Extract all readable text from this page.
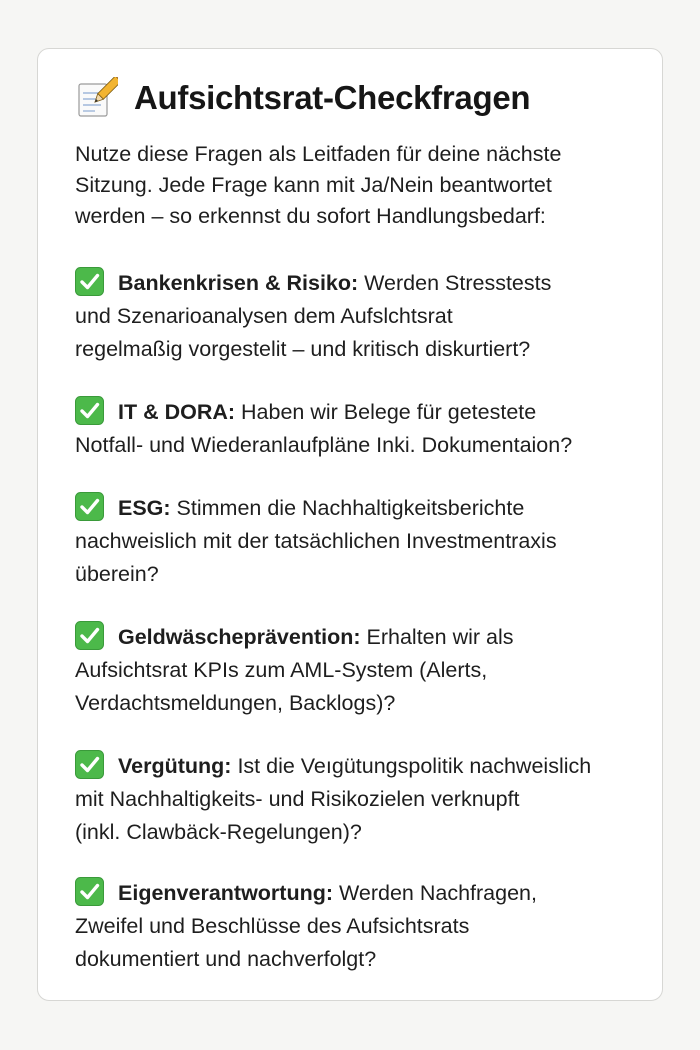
Aufsichtsrat-Checkfragen
Nutze diese Fragen als Leitfaden für deine nächste
Sitzung. Jede Frage kann mit Ja/Nein beantwortet
werden – so erkennst du sofort Handlungsbedarf:
Bankenkrisen & Risiko: Werden Stresstests
und Szenarioanalysen dem Aufslchtsrat
regelmaßig vorgestelit – und kritisch diskurtiert?
IT & DORA: Haben wir Belege für getestete
Notfall- und Wiederanlaufpläne Inki. Dokumentaion?
ESG: Stimmen die Nachhaltigkeitsberichte
nachweislich mit der tatsächlichen Investmentraxis
überein?
Geldwäscheprävention: Erhalten wir als
Aufsichtsrat KPIs zum AML-System (Alerts,
Verdachtsmeldungen, Backlogs)?
Vergütung: Ist die Veıgütungspolitik nachweislich
mit Nachhaltigkeits- und Risikozielen verknupft
(inkl. Clawbäck-Regelungen)?
Eigenverantwortung: Werden Nachfragen,
Zweifel und Beschlüsse des Aufsichtsrats
dokumentiert und nachverfolgt?
